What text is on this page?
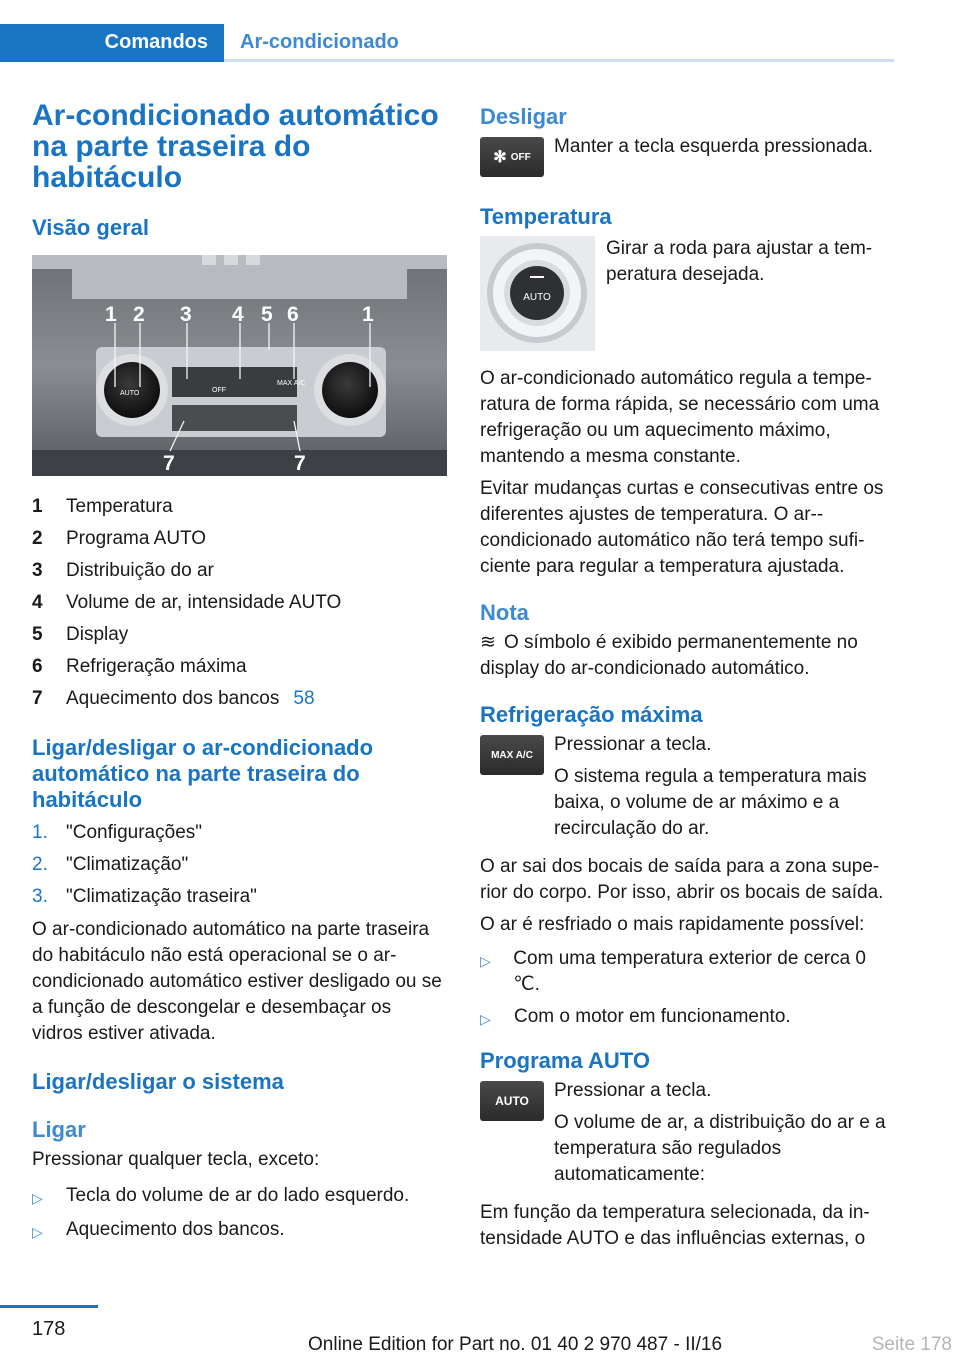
Comandos	Ar-condicionado
Ar-condicionado automático na parte traseira do habitáculo
Visão geral
1 2 3 4 5 6	1
7	7
AUTO	OFF
MAX A/C
1	Temperatura
2	Programa AUTO
3	Distribuição do ar
4	Volume de ar, intensidade AUTO
5	Display
6	Refrigeração máxima
7	Aquecimento dos bancos 58
Ligar/desligar o ar-condicionado automático na parte traseira do habitáculo
1. "Configurações"
2. "Climatização"
3. "Climatização traseira"
O ar-condicionado automático na parte traseira do habitáculo não está operacional se o ar-condicionado automático estiver desligado ou se a função de descongelar e desembaçar os vidros estiver ativada.
Ligar/desligar o sistema
Ligar
Pressionar qualquer tecla, exceto:
▷	Tecla do volume de ar do lado esquerdo.
▷	Aquecimento dos bancos.
Desligar
✻ OFF Manter a tecla esquerda pressionada.
Temperatura
AUTO
Girar a roda para ajustar a temperatura desejada.
O ar-condicionado automático regula a temperatura de forma rápida, se necessário com uma refrigeração ou um aquecimento máximo, mantendo a mesma constante.
Evitar mudanças curtas e consecutivas entre os diferentes ajustes de temperatura. O ar-condicionado automático não terá tempo suficiente para regular a temperatura ajustada.
Nota
≋ O símbolo é exibido permanentemente no display do ar-condicionado automático.
Refrigeração máxima
MAX A/C Pressionar a tecla.
O sistema regula a temperatura mais baixa, o volume de ar máximo e a recirculação do ar.
O ar sai dos bocais de saída para a zona superior do corpo. Por isso, abrir os bocais de saída.
O ar é resfriado o mais rapidamente possível:
▷	Com uma temperatura exterior de cerca 0 ℃.
▷	Com o motor em funcionamento.
Programa AUTO
AUTO Pressionar a tecla.
O volume de ar, a distribuição do ar e a temperatura são regulados automaticamente:
Em função da temperatura selecionada, da intensidade AUTO e das influências externas, o
178
Online Edition for Part no. 01 40 2 970 487 - II/16	Seite 178
